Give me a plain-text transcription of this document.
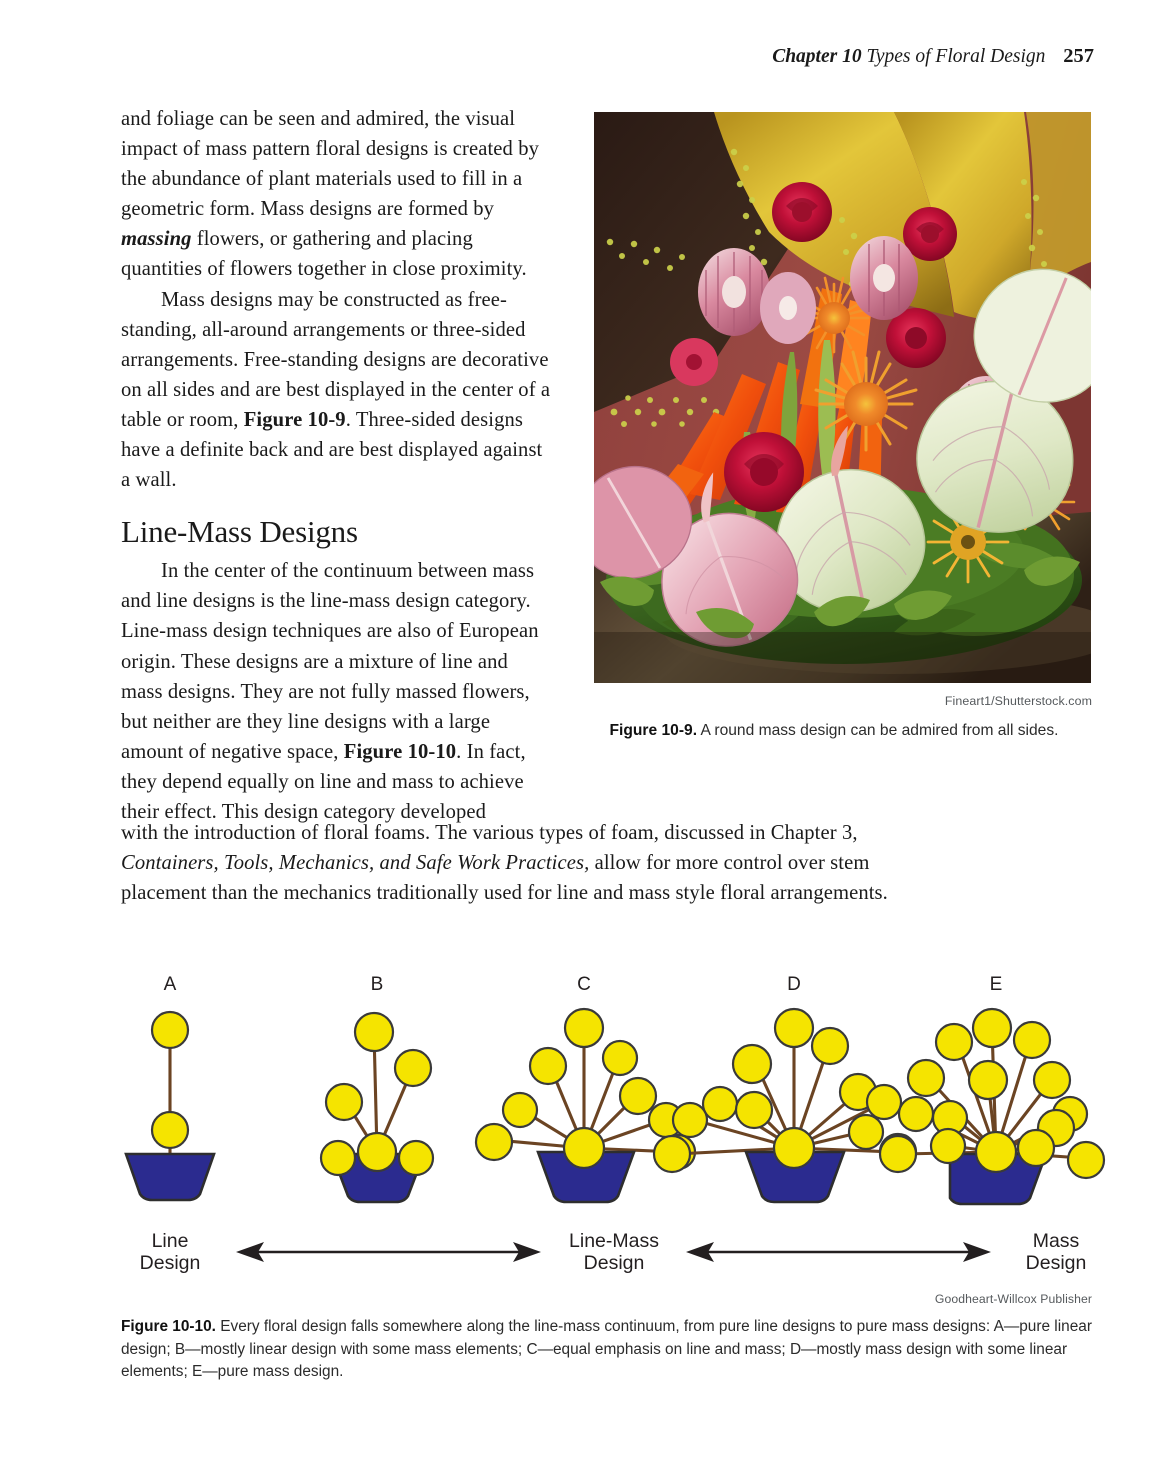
Chapter 10 Types of Floral Design 257

and foliage can be seen and admired, the visual impact of mass pattern floral designs is created by the abundance of plant materials used to fill in a geometric form. Mass designs are formed by massing flowers, or gathering and placing quantities of flowers together in close proximity.

Mass designs may be constructed as free-standing, all-around arrangements or three-sided arrangements. Free-standing designs are decorative on all sides and are best displayed in the center of a table or room, Figure 10-9. Three-sided designs have a definite back and are best displayed against a wall.

Line-Mass Designs

In the center of the continuum between mass and line designs is the line-mass design category. Line-mass design techniques are also of European origin. These designs are a mixture of line and mass designs. They are not fully massed flowers, but neither are they line designs with a large amount of negative space, Figure 10-10. In fact, they depend equally on line and mass to achieve their effect. This design category developed

with the introduction of floral foams. The various types of foam, discussed in Chapter 3, Containers, Tools, Mechanics, and Safe Work Practices, allow for more control over stem placement than the mechanics traditionally used for line and mass style floral arrangements.

Fineart1/Shutterstock.com
Figure 10-9. A round mass design can be admired from all sides.
A	B	C	D	E
Line
Design
Line-Mass
Design
Mass
Design
Goodheart-Willcox Publisher
Figure 10-10. Every floral design falls somewhere along the line-mass continuum, from pure line designs to pure mass designs: A—pure linear design; B—mostly linear design with some mass elements; C—equal emphasis on line and mass; D—mostly mass design with some linear elements; E—pure mass design.
